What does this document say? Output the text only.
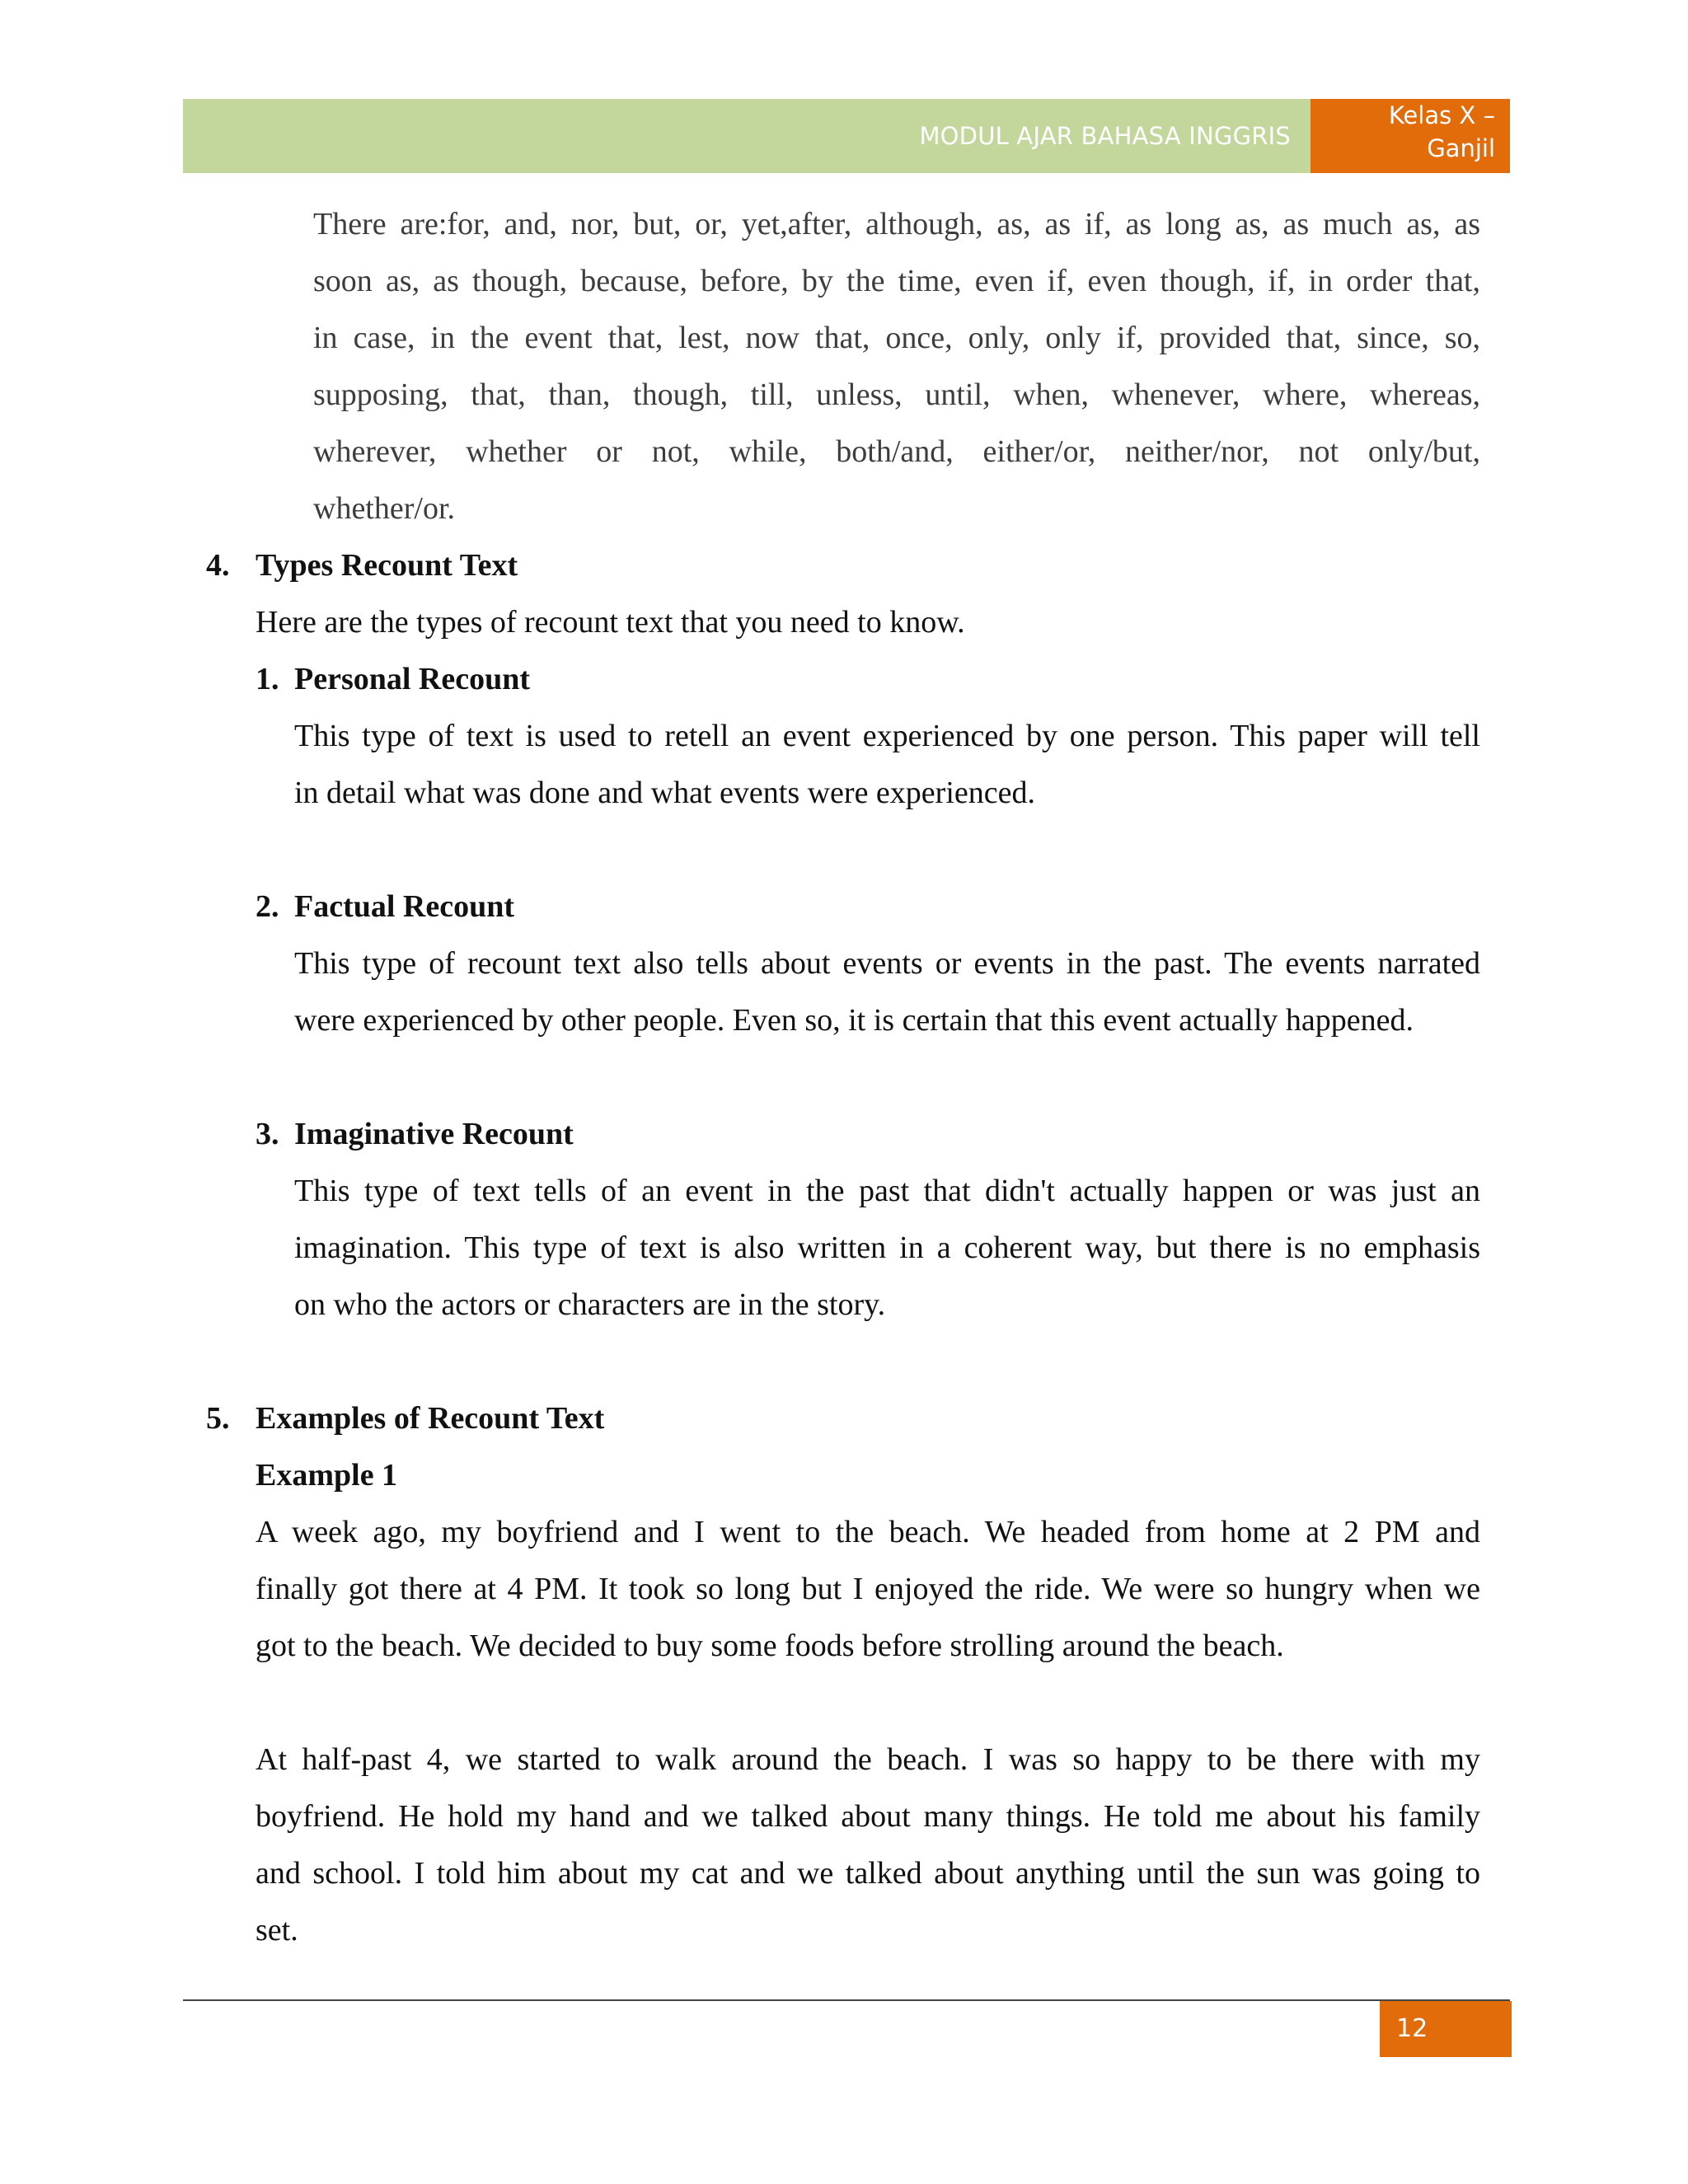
MODUL AJAR BAHASA INGGRIS
Kelas X –
Ganjil
There are:for, and, nor, but, or, yet,after, although, as, as if, as long as, as much as, as
soon as, as though, because, before, by the time, even if, even though, if, in order that,
in case, in the event that, lest, now that, once, only, only if, provided that, since, so,
supposing, that, than, though, till, unless, until, when, whenever, where, whereas,
wherever, whether or not, while, both/and, either/or, neither/nor, not only/but,
whether/or.
4. Types Recount Text
Here are the types of recount text that you need to know.
1. Personal Recount
This type of text is used to retell an event experienced by one person. This paper will tell
in detail what was done and what events were experienced.
2. Factual Recount
This type of recount text also tells about events or events in the past. The events narrated
were experienced by other people. Even so, it is certain that this event actually happened.
3. Imaginative Recount
This type of text tells of an event in the past that didn't actually happen or was just an
imagination. This type of text is also written in a coherent way, but there is no emphasis
on who the actors or characters are in the story.
5. Examples of Recount Text
Example 1
A week ago, my boyfriend and I went to the beach. We headed from home at 2 PM and
finally got there at 4 PM. It took so long but I enjoyed the ride. We were so hungry when we
got to the beach. We decided to buy some foods before strolling around the beach.
At half-past 4, we started to walk around the beach. I was so happy to be there with my
boyfriend. He hold my hand and we talked about many things. He told me about his family
and school. I told him about my cat and we talked about anything until the sun was going to
set.
12
